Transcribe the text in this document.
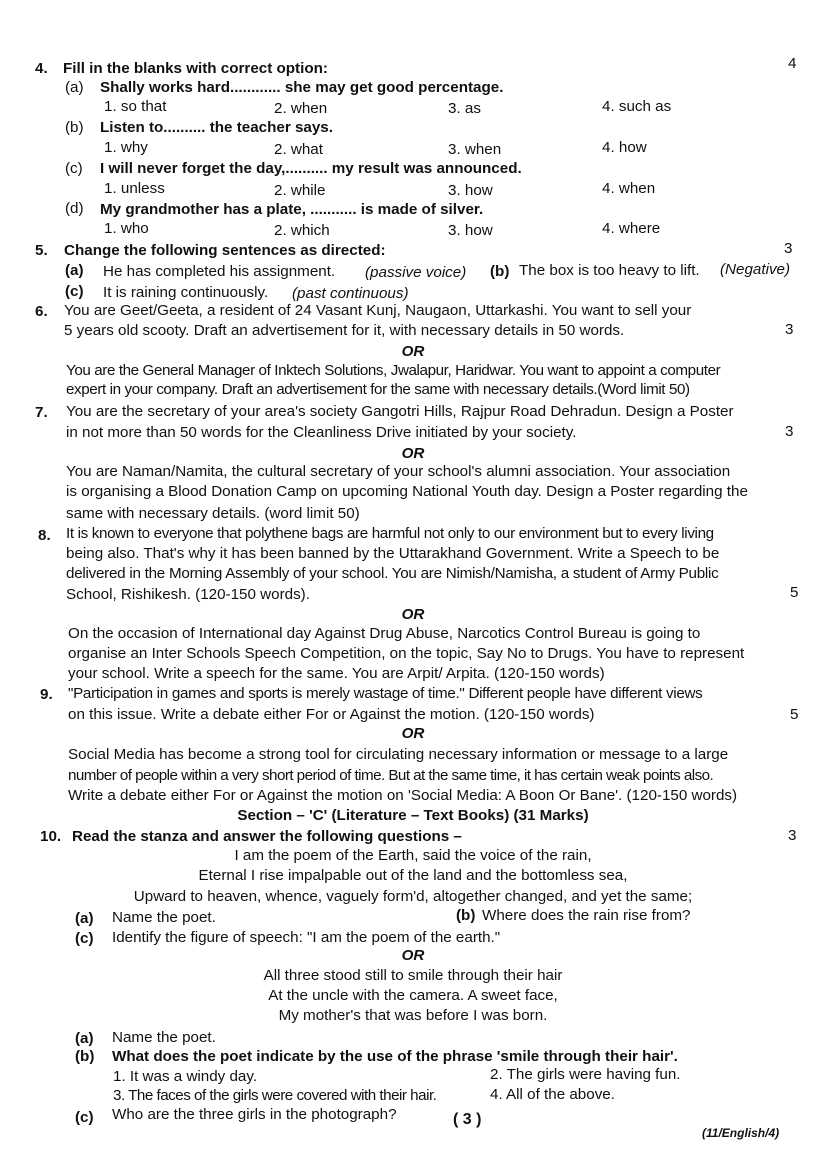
4. Fill in the blanks with correct option:	4
(a) Shally works hard............ she may get good percentage.
1. so that	2. when	3. as	4. such as
(b) Listen to.......... the teacher says.
1. why	2. what	3. when	4. how
(c) I will never forget the day,.......... my result was announced.
1. unless	2. while	3. how	4. when
(d) My grandmother has a plate, ........... is made of silver.
1. who	2. which	3. how	4. where
5. Change the following sentences as directed:	3
(a) He has completed his assignment. (passive voice) (b) The box is too heavy to lift. (Negative)
(c) It is raining continuously. (past continuous)
6. You are Geet/Geeta, a resident of 24 Vasant Kunj, Naugaon, Uttarkashi. You want to sell your
5 years old scooty. Draft an advertisement for it, with necessary details in 50 words.	3
OR
You are the General Manager of Inktech Solutions, Jwalapur, Haridwar. You want to appoint a computer
expert in your company. Draft an advertisement for the same with necessary details.(Word limit 50)
7. You are the secretary of your area's society Gangotri Hills, Rajpur Road Dehradun. Design a Poster
in not more than 50 words for the Cleanliness Drive initiated by your society.	3
OR
You are Naman/Namita, the cultural secretary of your school's alumni association. Your association
is organising a Blood Donation Camp on upcoming National Youth day. Design a Poster regarding the
same with necessary details. (word limit 50)
8. It is known to everyone that polythene bags are harmful not only to our environment but to every living
being also. That's why it has been banned by the Uttarakhand Government. Write a Speech to be
delivered in the Morning Assembly of your school. You are Nimish/Namisha, a student of Army Public
School, Rishikesh. (120-150 words).	5
OR
On the occasion of International day Against Drug Abuse, Narcotics Control Bureau is going to
organise an Inter Schools Speech Competition, on the topic, Say No to Drugs. You have to represent
your school. Write a speech for the same. You are Arpit/ Arpita. (120-150 words)
9. "Participation in games and sports is merely wastage of time." Different people have different views
on this issue. Write a debate either For or Against the motion. (120-150 words)	5
OR
Social Media has become a strong tool for circulating necessary information or message to a large
number of people within a very short period of time. But at the same time, it has certain weak points also.
Write a debate either For or Against the motion on 'Social Media: A Boon Or Bane'. (120-150 words)
Section – 'C' (Literature – Text Books) (31 Marks)
10. Read the stanza and answer the following questions –	3
I am the poem of the Earth, said the voice of the rain,
Eternal I rise impalpable out of the land and the bottomless sea,
Upward to heaven, whence, vaguely form'd, altogether changed, and yet the same;
(a) Name the poet.	(b) Where does the rain rise from?
(c) Identify the figure of speech: "I am the poem of the earth."
OR
All three stood still to smile through their hair
At the uncle with the camera. A sweet face,
My mother's that was before I was born.
(a) Name the poet.
(b) What does the poet indicate by the use of the phrase 'smile through their hair'.
1. It was a windy day.	2. The girls were having fun.
3. The faces of the girls were covered with their hair.	4. All of the above.
(c) Who are the three girls in the photograph?	( 3 )
(11/English/4)
